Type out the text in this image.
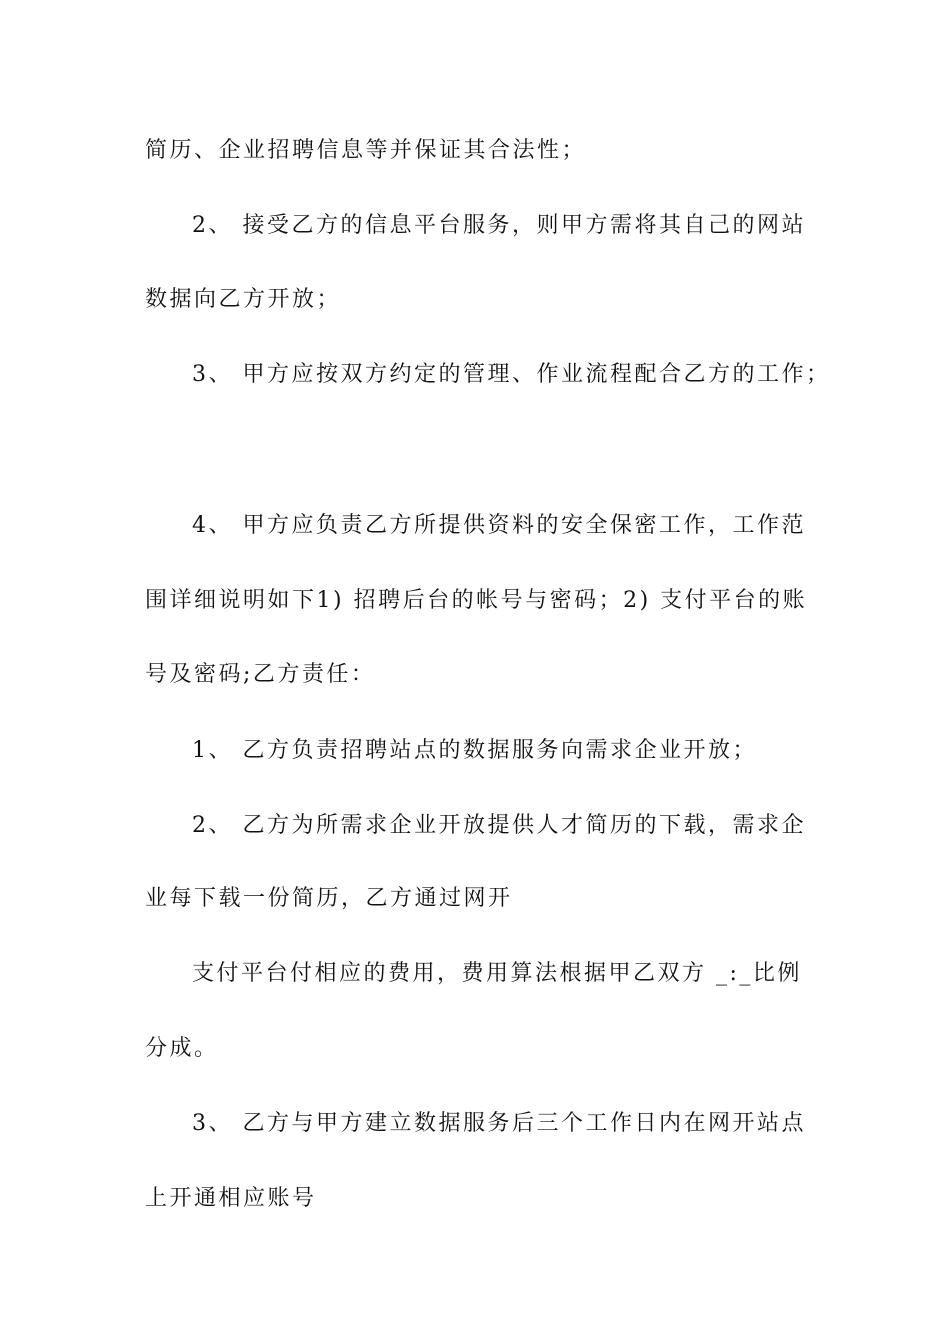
简历、企业招聘信息等并保证其合法性；
2、 接受乙方的信息平台服务，则甲方需将其自己的网站
数据向乙方开放；
3、 甲方应按双方约定的管理、作业流程配合乙方的工作；
4、 甲方应负责乙方所提供资料的安全保密工作，工作范
围详细说明如下1) 招聘后台的帐号与密码；2) 支付平台的账
号及密码;乙方责任：
1、 乙方负责招聘站点的数据服务向需求企业开放；
2、 乙方为所需求企业开放提供人才简历的下载，需求企
业每下载一份简历，乙方通过网开
支付平台付相应的费用，费用算法根据甲乙双方 _:_比例
分成。
3、 乙方与甲方建立数据服务后三个工作日内在网开站点
上开通相应账号
